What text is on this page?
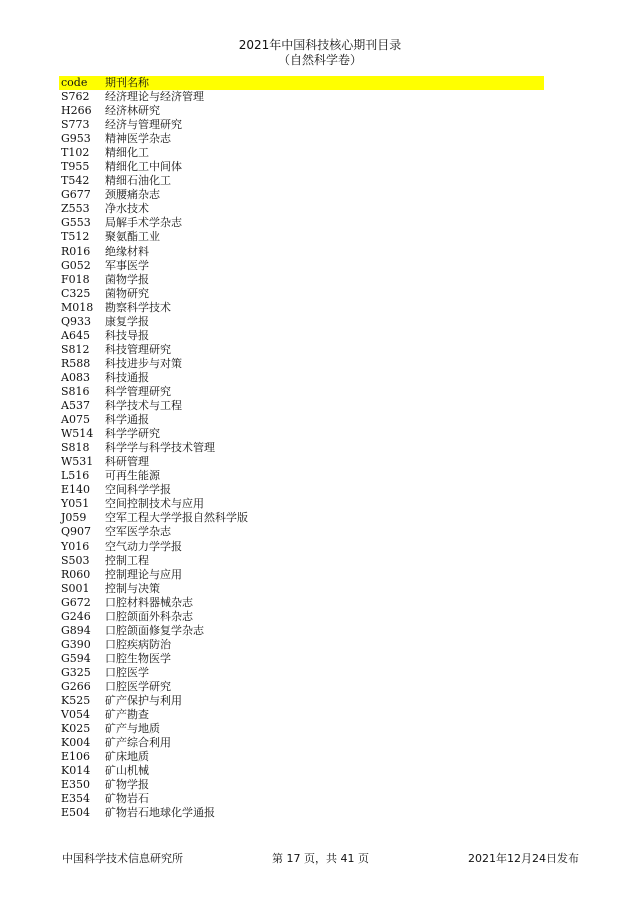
2021年中国科技核心期刊目录
（自然科学卷）
code 期刊名称
S762 经济理论与经济管理
H266 经济林研究
S773 经济与管理研究
G953 精神医学杂志
T102 精细化工
T955 精细化工中间体
T542 精细石油化工
G677 颈腰痛杂志
Z553 净水技术
G553 局解手术学杂志
T512 聚氨酯工业
R016 绝缘材料
G052 军事医学
F018 菌物学报
C325 菌物研究
M018 勘察科学技术
Q933 康复学报
A645 科技导报
S812 科技管理研究
R588 科技进步与对策
A083 科技通报
S816 科学管理研究
A537 科学技术与工程
A075 科学通报
W514 科学学研究
S818 科学学与科学技术管理
W531 科研管理
L516 可再生能源
E140 空间科学学报
Y051 空间控制技术与应用
J059 空军工程大学学报自然科学版
Q907 空军医学杂志
Y016 空气动力学学报
S503 控制工程
R060 控制理论与应用
S001 控制与决策
G672 口腔材料器械杂志
G246 口腔颌面外科杂志
G894 口腔颌面修复学杂志
G390 口腔疾病防治
G594 口腔生物医学
G325 口腔医学
G266 口腔医学研究
K525 矿产保护与利用
V054 矿产勘查
K025 矿产与地质
K004 矿产综合利用
E106 矿床地质
K014 矿山机械
E350 矿物学报
E354 矿物岩石
E504 矿物岩石地球化学通报
中国科学技术信息研究所	第 17 页，共 41 页	2021年12月24日发布
